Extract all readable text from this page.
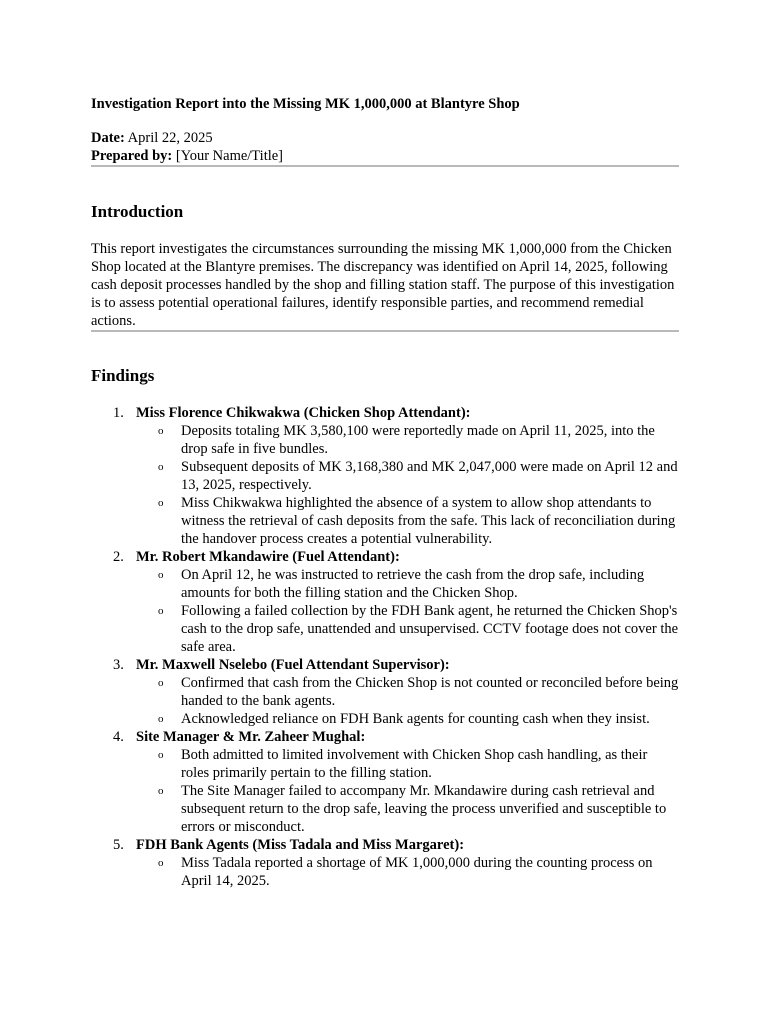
Investigation Report into the Missing MK 1,000,000 at Blantyre Shop

Date: April 22, 2025
Prepared by: [Your Name/Title]
Introduction

This report investigates the circumstances surrounding the missing MK 1,000,000 from the Chicken Shop located at the Blantyre premises. The discrepancy was identified on April 14, 2025, following cash deposit processes handled by the shop and filling station staff. The purpose of this investigation is to assess potential operational failures, identify responsible parties, and recommend remedial actions.

Findings
1. Miss Florence Chikwakwa (Chicken Shop Attendant):
o Deposits totaling MK 3,580,100 were reportedly made on April 11, 2025, into the drop safe in five bundles.
o Subsequent deposits of MK 3,168,380 and MK 2,047,000 were made on April 12 and 13, 2025, respectively.
o Miss Chikwakwa highlighted the absence of a system to allow shop attendants to witness the retrieval of cash deposits from the safe. This lack of reconciliation during the handover process creates a potential vulnerability.
2. Mr. Robert Mkandawire (Fuel Attendant):
o On April 12, he was instructed to retrieve the cash from the drop safe, including amounts for both the filling station and the Chicken Shop.
o Following a failed collection by the FDH Bank agent, he returned the Chicken Shop's cash to the drop safe, unattended and unsupervised. CCTV footage does not cover the safe area.
3. Mr. Maxwell Nselebo (Fuel Attendant Supervisor):
o Confirmed that cash from the Chicken Shop is not counted or reconciled before being handed to the bank agents.
o Acknowledged reliance on FDH Bank agents for counting cash when they insist.
4. Site Manager & Mr. Zaheer Mughal:
o Both admitted to limited involvement with Chicken Shop cash handling, as their roles primarily pertain to the filling station.
o The Site Manager failed to accompany Mr. Mkandawire during cash retrieval and subsequent return to the drop safe, leaving the process unverified and susceptible to errors or misconduct.
5. FDH Bank Agents (Miss Tadala and Miss Margaret):
o Miss Tadala reported a shortage of MK 1,000,000 during the counting process on April 14, 2025.
